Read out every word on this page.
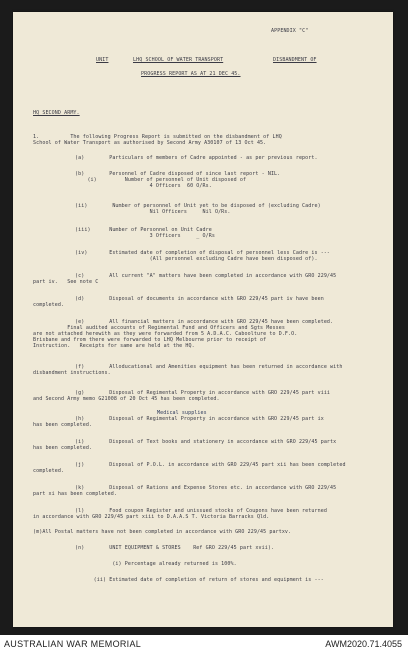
APPENDIX "C"
UNIT	LHQ SCHOOL OF WATER TRANSPORT	DISBANDMENT OF
PROGRESS REPORT AS AT 21 DEC 45.
HQ SECOND ARMY.
1.          The following Progress Report is submitted on the disbandment of LHQ
School of Water Transport as authorised by Second Army A30107 of 13 Oct 45.
(a)        Particulars of members of Cadre appointed - as per previous report.
(b)        Personnel of Cadre disposed of since last report - NIL.
(i)         Number of personnel of Unit disposed of
4 Officers  60 O/Rs.
(ii)        Number of personnel of Unit yet to be disposed of (excluding Cadre)
Nil Officers     Nil O/Rs.
(iii)      Number of Personnel on Unit Cadre
3 Officers     _ O/Rs
(iv)       Estimated date of completion of disposal of personnel less Cadre is ---
(All personnel excluding Cadre have been disposed of).
(c)        All current "A" matters have been completed in accordance with GRO 229/45
part iv.   See note C
(d)        Disposal of documents in accordance with GRO 229/45 part iv have been
completed.
(e)        All financial matters in accordance with GRO 229/45 have been completed.
Final audited accounts of Regimental Fund and Officers and Sgts Messes
are not attached herewith as they were forwarded from 5 A.D.A.C. Caboolture to D.F.O.
Brisbane and from there were forwarded to LHQ Melbourne prior to receipt of
Instruction.   Receipts for same are held at the HQ.
(f)        Alloducational and Amenities equipment has been returned in accordance with
disbandment instructions.
(g)        Disposal of Regimental Property in accordance with GRO 229/45 part viii
and Second Army memo G21008 of 20 Oct 45 has been completed.
Medical supplies
(h)        Disposal of Regimental Property in accordance with GRO 229/45 part ix
has been completed.
(i)        Disposal of Text books and stationery in accordance with GRO 229/45 partx
has been completed.
(j)        Disposal of P.O.L. in accordance with GRO 229/45 part xii has been completed
completed.
(k)        Disposal of Rations and Expense Stores etc. in accordance with GRO 229/45
part xi has been completed.
(l)        Food coupon Register and unissued stocks of Coupons have been returned
in accordance with GRO 229/45 part xiii to D.A.A.S T. Victoria Barracks Qld.
(m)All Postal matters have not been completed in accordance with GRO 229/45 partxv.
(n)        UNIT EQUIPMENT & STORES    Ref GRO 229/45 part xvii).
(i) Percentage already returned is 100%.
(ii) Estimated date of completion of return of stores and equipment is ---
AUSTRALIAN WAR MEMORIAL	AWM2020.71.4055
